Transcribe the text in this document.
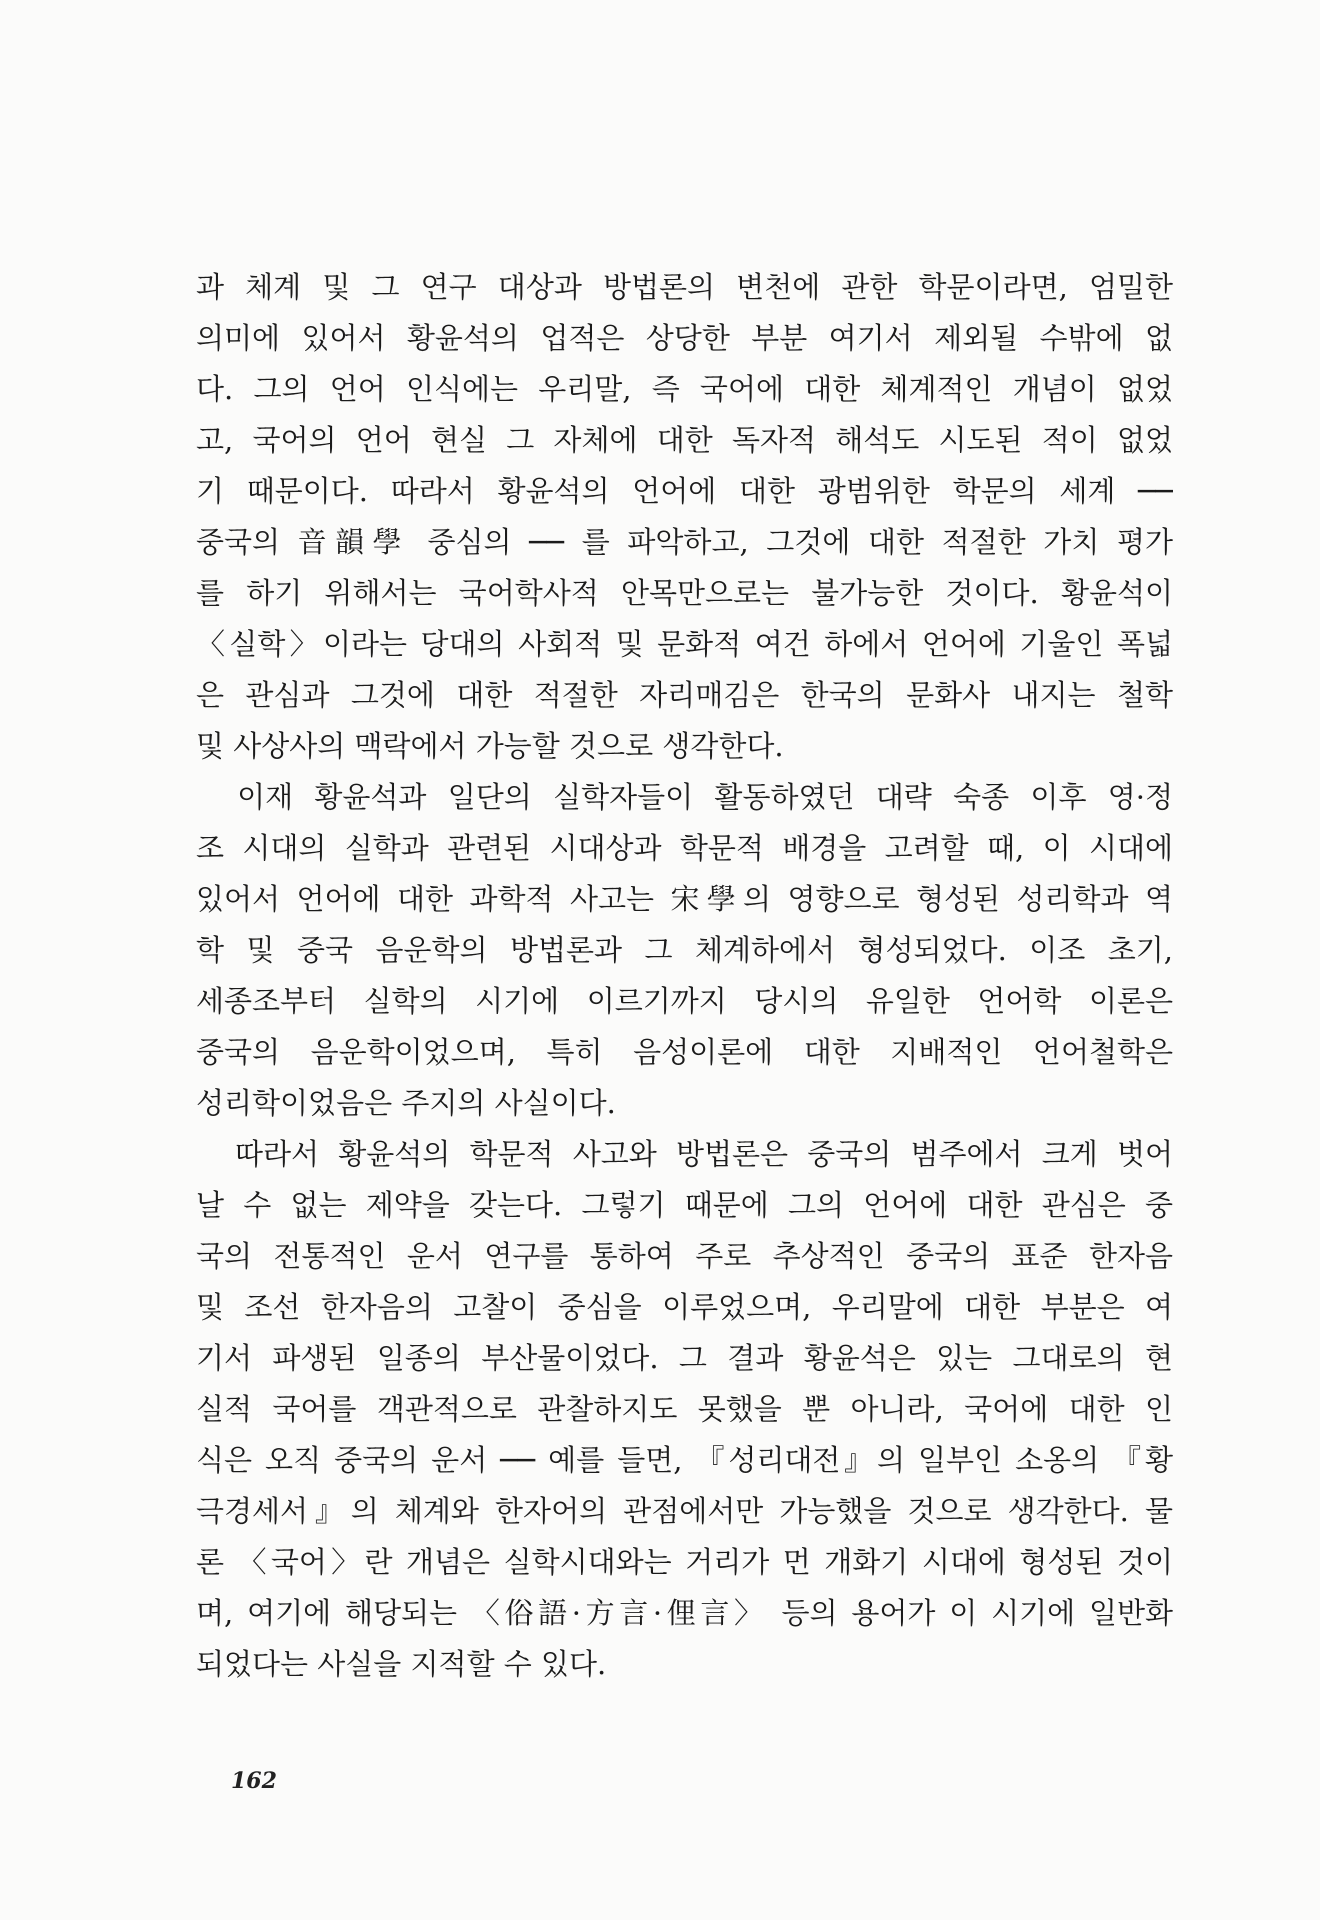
과 체계 및 그 연구 대상과 방법론의 변천에 관한 학문이라면, 엄밀한
의미에 있어서 황윤석의 업적은 상당한 부분 여기서 제외될 수밖에 없
다. 그의 언어 인식에는 우리말, 즉 국어에 대한 체계적인 개념이 없었
고, 국어의 언어 현실 그 자체에 대한 독자적 해석도 시도된 적이 없었
기 때문이다. 따라서 황윤석의 언어에 대한 광범위한 학문의 세계 ──
중국의 音韻學 중심의 ── 를 파악하고, 그것에 대한 적절한 가치 평가
를 하기 위해서는 국어학사적 안목만으로는 불가능한 것이다. 황윤석이
〈실학〉이라는 당대의 사회적 및 문화적 여건 하에서 언어에 기울인 폭넓
은 관심과 그것에 대한 적절한 자리매김은 한국의 문화사 내지는 철학
및 사상사의 맥락에서 가능할 것으로 생각한다.
　이재 황윤석과 일단의 실학자들이 활동하였던 대략 숙종 이후 영·정
조 시대의 실학과 관련된 시대상과 학문적 배경을 고려할 때, 이 시대에
있어서 언어에 대한 과학적 사고는 宋學의 영향으로 형성된 성리학과 역
학 및 중국 음운학의 방법론과 그 체계하에서 형성되었다. 이조 초기,
세종조부터 실학의 시기에 이르기까지 당시의 유일한 언어학 이론은
중국의 음운학이었으며, 특히 음성이론에 대한 지배적인 언어철학은
성리학이었음은 주지의 사실이다.
　따라서 황윤석의 학문적 사고와 방법론은 중국의 범주에서 크게 벗어
날 수 없는 제약을 갖는다. 그렇기 때문에 그의 언어에 대한 관심은 중
국의 전통적인 운서 연구를 통하여 주로 추상적인 중국의 표준 한자음
및 조선 한자음의 고찰이 중심을 이루었으며, 우리말에 대한 부분은 여
기서 파생된 일종의 부산물이었다. 그 결과 황윤석은 있는 그대로의 현
실적 국어를 객관적으로 관찰하지도 못했을 뿐 아니라, 국어에 대한 인
식은 오직 중국의 운서 ── 예를 들면, 『성리대전』의 일부인 소옹의 『황
극경세서』의 체계와 한자어의 관점에서만 가능했을 것으로 생각한다. 물
론 〈국어〉란 개념은 실학시대와는 거리가 먼 개화기 시대에 형성된 것이
며, 여기에 해당되는 〈俗語·方言·俚言〉 등의 용어가 이 시기에 일반화
되었다는 사실을 지적할 수 있다.
162
